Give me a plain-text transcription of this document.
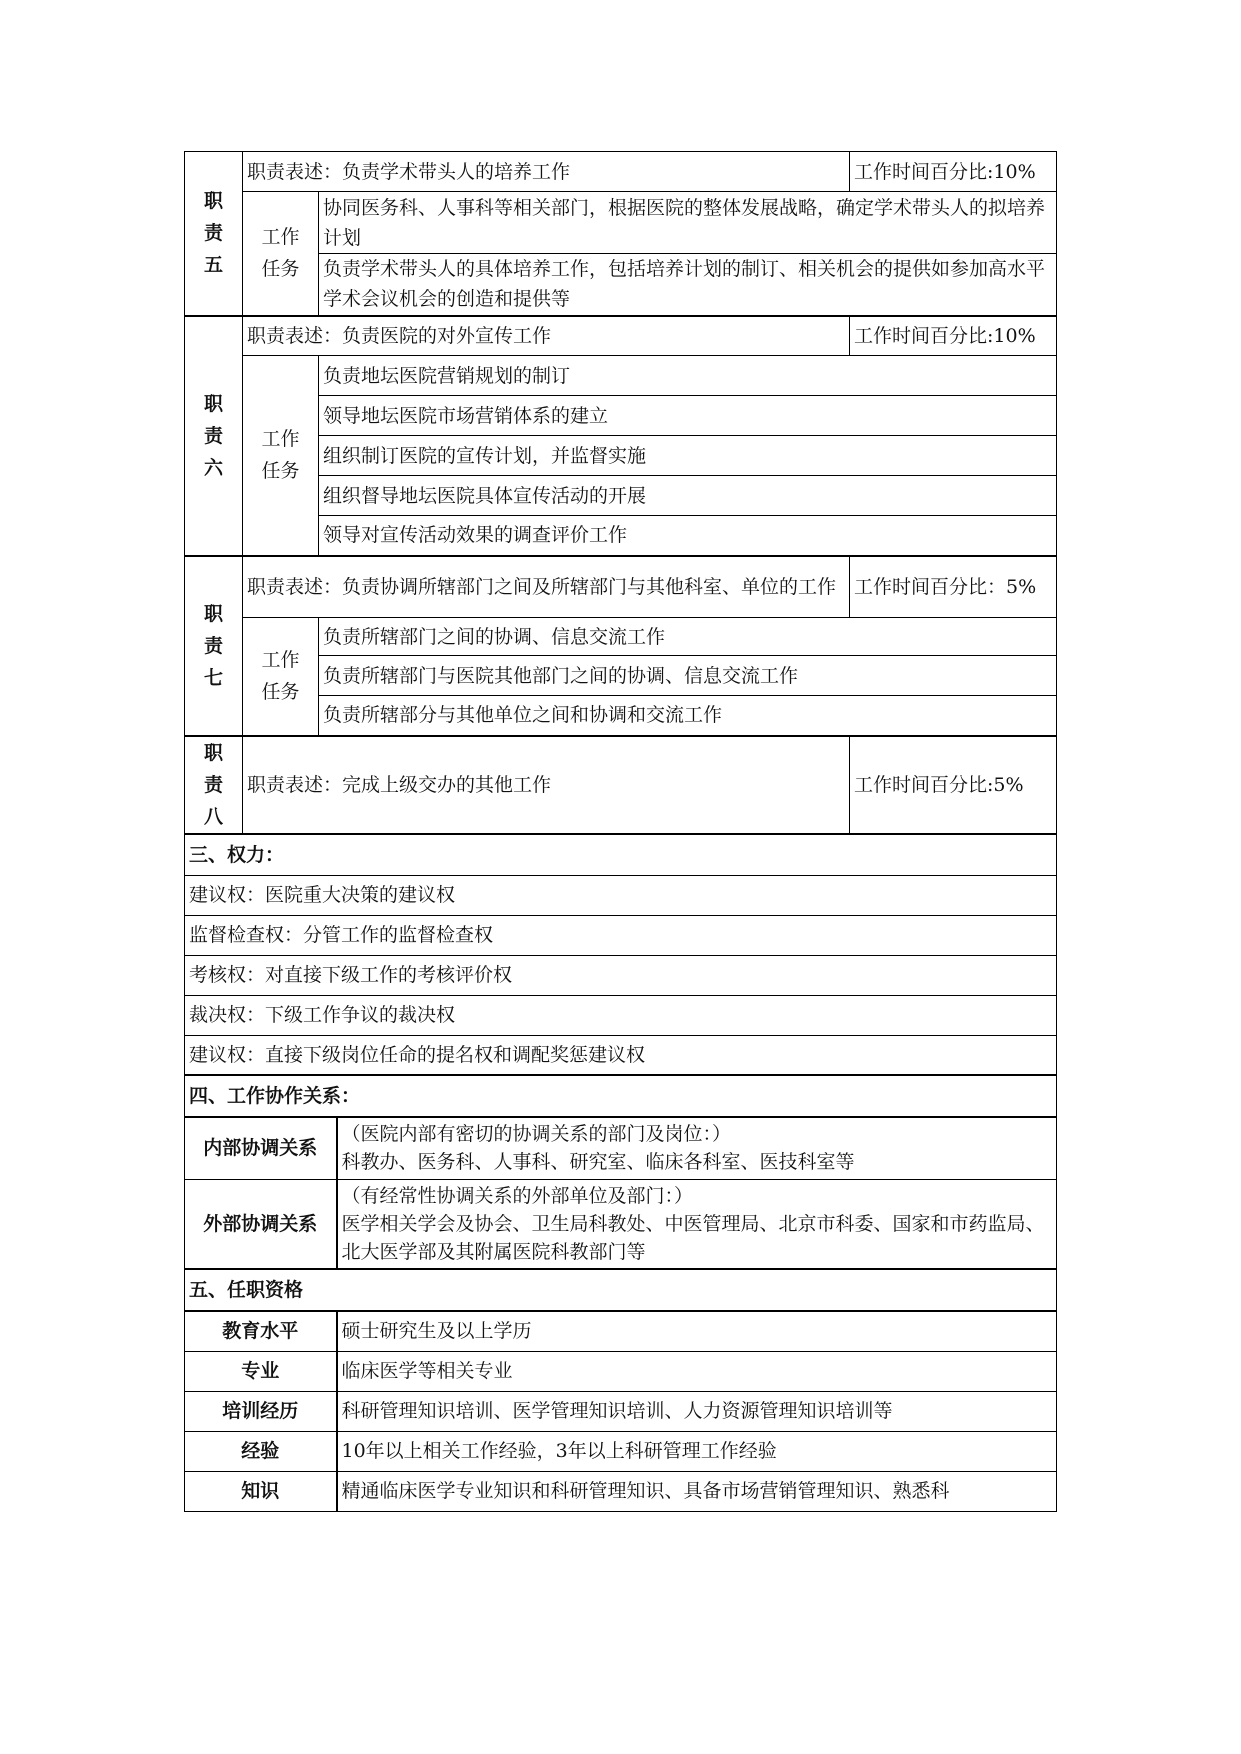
职
责
五	职责表述：负责学术带头人的培养工作		工作时间百分比:10%

	工作
任务	协同医务科、人事科等相关部门，根据医院的整体发展战略，确定学术带头人的拟培养计划	
		负责学术带头人的具体培养工作，包括培养计划的制订、相关机会的提供如参加高水平学术会议机会的创造和提供等	

职
责
六	职责表述：负责医院的对外宣传工作		工作时间百分比:10%

	工作
任务	负责地坛医院营销规划的制订	
		领导地坛医院市场营销体系的建立	
		组织制订医院的宣传计划，并监督实施	
		组织督导地坛医院具体宣传活动的开展	
		领导对宣传活动效果的调查评价工作	

职
责
七	职责表述：负责协调所辖部门之间及所辖部门与其他科室、单位的工作		工作时间百分比：5%

	工作
任务	负责所辖部门之间的协调、信息交流工作	
		负责所辖部门与医院其他部门之间的协调、信息交流工作	
		负责所辖部分与其他单位之间和协调和交流工作	

职
责
八	职责表述：完成上级交办的其他工作		工作时间百分比:5%
三、权力：	
建议权：医院重大决策的建议权	
监督检查权：分管工作的监督检查权	
考核权：对直接下级工作的考核评价权	
裁决权：下级工作争议的裁决权	
建议权：直接下级岗位任命的提名权和调配奖惩建议权	
四、工作协作关系：	
内部协调关系	（医院内部有密切的协调关系的部门及岗位：）
科教办、医务科、人事科、研究室、临床各科室、医技科室等

外部协调关系	（有经常性协调关系的外部单位及部门：）
医学相关学会及协会、卫生局科教处、中医管理局、北京市科委、国家和市药监局、北大医学部及其附属医院科教部门等

五、任职资格	
教育水平	硕士研究生及以上学历
专业	临床医学等相关专业
培训经历	科研管理知识培训、医学管理知识培训、人力资源管理知识培训等
经验	10年以上相关工作经验，3年以上科研管理工作经验
知识	精通临床医学专业知识和科研管理知识、具备市场营销管理知识、熟悉科
